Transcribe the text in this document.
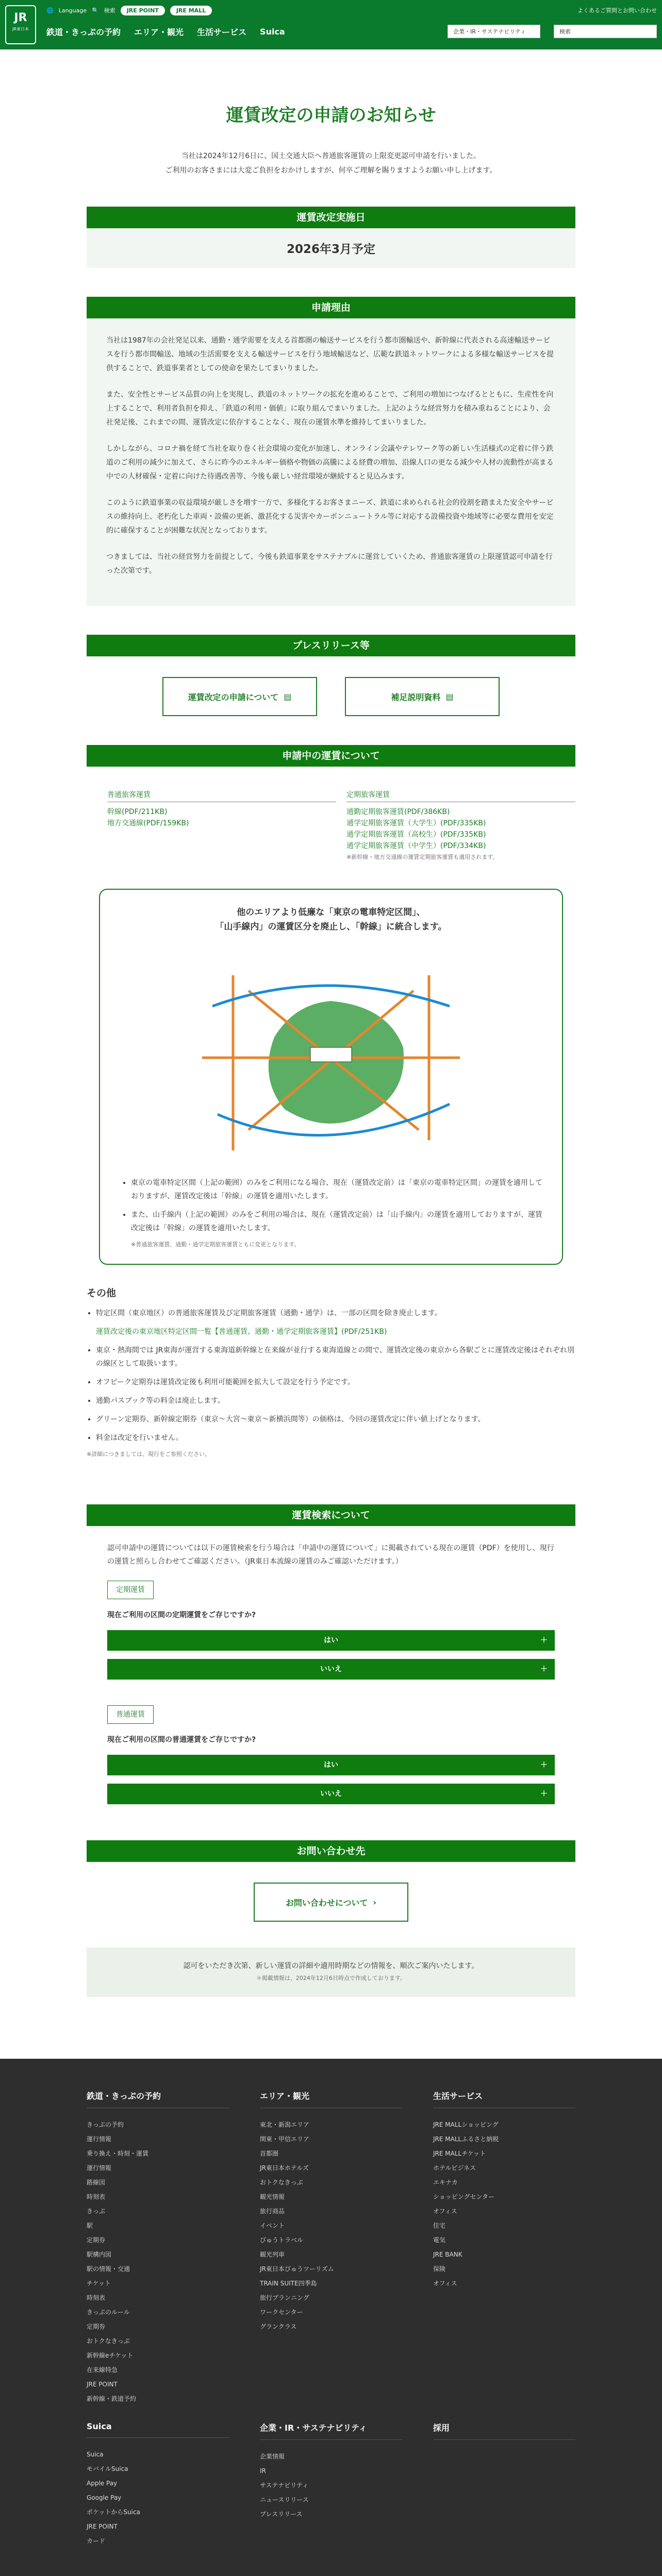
JR
JR東日本
🌐 Language 🔍 検索	JRE POINT	JRE MALL	よくあるご質問とお問い合わせ
鉄道・きっぷの予約 エリア・観光 生活サービス Suica	企業・IR・サステナビリティ	検索
運賃改定の申請のお知らせ
当社は2024年12月6日に、国土交通大臣へ普通旅客運賃の上限変更認可申請を行いました。
ご利用のお客さまには大変ご負担をおかけしますが、何卒ご理解を賜りますようお願い申し上げます。
運賃改定実施日
2026年3月予定
申請理由

当社は1987年の会社発足以来、通勤・通学需要を支える首都圏の輸送サービスを行う都市圏輸送や、新幹線に代表される高速輸送サービスを行う都市間輸送、地域の生活需要を支える輸送サービスを行う地域輸送など、広範な鉄道ネットワークによる多様な輸送サービスを提供することで、鉄道事業者としての使命を果たしてまいりました。

また、安全性とサービス品質の向上を実現し、鉄道のネットワークの拡充を進めることで、ご利用の増加につなげるとともに、生産性を向上することで、利用者負担を抑え、「鉄道の利用・価値」に取り組んでまいりました。上記のような経営努力を積み重ねることにより、会社発足後、これまでの間、運賃改定に依存することなく、現在の運賃水準を維持してまいりました。

しかしながら、コロナ禍を経て当社を取り巻く社会環境の変化が加速し、オンライン会議やテレワーク等の新しい生活様式の定着に伴う鉄道のご利用の減少に加えて、さらに昨今のエネルギー価格や物価の高騰による経費の増加、沿線人口の更なる減少や人材の流動性が高まる中での人材確保・定着に向けた待遇改善等、今後も厳しい経営環境が継続すると見込みます。

このように鉄道事業の収益環境が厳しさを増す一方で、多様化するお客さまニーズ、鉄道に求められる社会的役割を踏まえた安全やサービスの維持向上、老朽化した車両・設備の更新、激甚化する災害やカーボンニュートラル等に対応する設備投資や地域等に必要な費用を安定的に確保することが困難な状況となっております。

つきましては、当社の経営努力を前提として、今後も鉄道事業をサステナブルに運営していくため、普通旅客運賃の上限運賃認可申請を行った次第です。

プレスリリース等
運賃改定の申請について ▤	補足説明資料 ▤
申請中の運賃について
普通旅客運賃
幹線(PDF/211KB)
地方交通線(PDF/159KB)
定期旅客運賃
通勤定期旅客運賃(PDF/386KB)
通学定期旅客運賃（大学生）(PDF/335KB)
通学定期旅客運賃（高校生）(PDF/335KB)
通学定期旅客運賃（中学生）(PDF/334KB)
※新幹線・地方交通線の運賃定期旅客運賃も適用されます。
他のエリアより低廉な「東京の電車特定区間」、
「山手線内」の運賃区分を廃止し、「幹線」に統合します。
• 東京の電車特定区間（上記の範囲）のみをご利用になる場合、現在（運賃改定前）は「東京の電車特定区間」の運賃を適用しておりますが、運賃改定後は「幹線」の運賃を適用いたします。
• また、山手線内（上記の範囲）のみをご利用の場合は、現在（運賃改定前）は「山手線内」の運賃を適用しておりますが、運賃改定後は「幹線」の運賃を適用いたします。
※普通旅客運賃、通勤・通学定期旅客運賃ともに変更となります。
その他
• 特定区間（東京地区）の普通旅客運賃及び定期旅客運賃（通勤・通学）は、一部の区間を除き廃止します。
運賃改定後の東京地区特定区間一覧【普通運賃、通勤・通学定期旅客運賃】(PDF/251KB)
• 東京・熱海間では JR東海が運営する東海道新幹線と在来線が並行する東海道線との間で、運賃改定後の東京から各駅ごとに運賃改定後はそれぞれ別の線区として取扱います。
• オフピーク定期券は運賃改定後も利用可能範囲を拡大して設定を行う予定です。
• 通勤パスブック等の料金は廃止します。
• グリーン定期券、新幹線定期券（東京〜大宮〜東京〜新横浜間等）の価格は、今回の運賃改定に伴い値上げとなります。
• 料金は改定を行いません。
※詳細につきましては、現行をご参照ください。
運賃検索について
認可申請中の運賃については以下の運賃検索を行う場合は「申請中の運賃について」に掲載されている現在の運賃（PDF）を使用し、現行の運賃と照らし合わせてご確認ください。（JR東日本流線の運賃のみご確認いただけます。）
定期運賃
現在ご利用の区間の定期運賃をご存じですか?
はい	＋
いいえ	＋
普通運賃
現在ご利用の区間の普通運賃をご存じですか?
はい	＋
いいえ	＋
お問い合わせ先
お問い合わせについて ›
認可をいただき次第、新しい運賃の詳細や適用時期などの情報を、順次ご案内いたします。
＊掲載情報は、2024年12月6日時点で作成しております。
鉄道・きっぷの予約
きっぷの予約
運行情報
乗り換え・時刻・運賃
運行情報
路線図
時刻表
きっぷ
駅
定期券
駅構内図
駅の情報・交通
チケット
時刻表
きっぷのルール
定期券
おトクなきっぷ
新幹線eチケット
在来線特急
JRE POINT
新幹線・鉄道予約
エリア・観光
東北・新潟エリア
関東・甲信エリア
首都圏
JR東日本ホテルズ
おトクなきっぷ
観光情報
旅行商品
イベント
びゅうトラベル
観光列車
JR東日本びゅうツーリズム
TRAIN SUITE四季島
旅行プランニング
ワークセンター
グランクラス
生活サービス
JRE MALLショッピング
JRE MALLふるさと納税
JRE MALLチケット
ホテルビジネス
エキナカ
ショッピングセンター
オフィス
住宅
電気
JRE BANK
保険
オフィス
Suica
Suica
モバイルSuica
Apple Pay
Google Pay
ポケットからSuica
JRE POINT
カード
企業・IR・サステナビリティ
企業情報
IR
サステナビリティ
ニュースリリース
プレスリリース
採用
